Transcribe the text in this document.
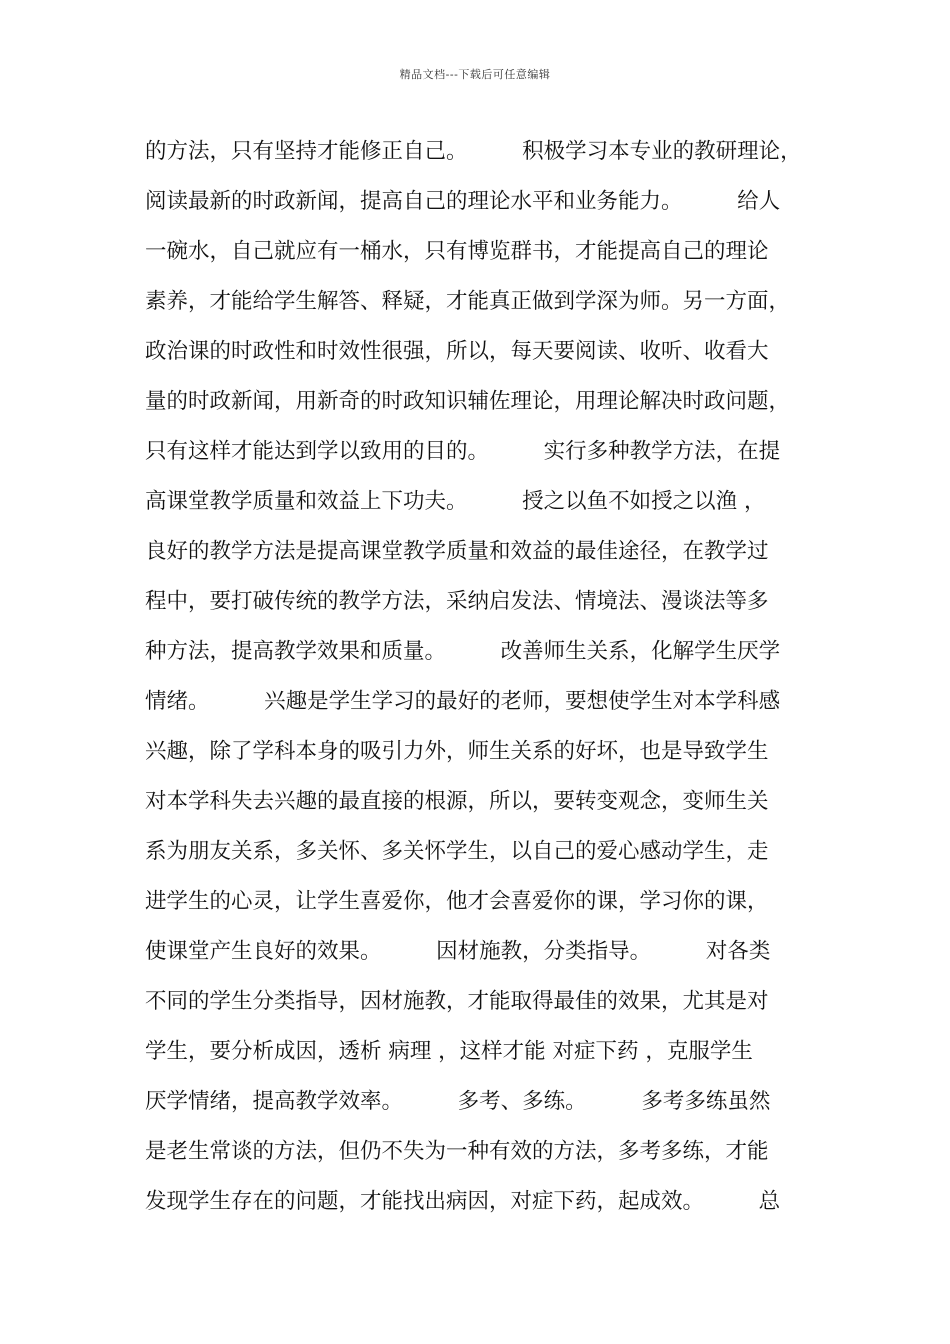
精品文档---下载后可任意编辑
的方法，只有坚持才能修正自己。        积极学习本专业的教研理论，
阅读最新的时政新闻，提高自己的理论水平和业务能力。        给人
一碗水，自己就应有一桶水，只有博览群书，才能提高自己的理论
素养，才能给学生解答、释疑，才能真正做到学深为师。另一方面，
政治课的时政性和时效性很强，所以，每天要阅读、收听、收看大
量的时政新闻，用新奇的时政知识辅佐理论，用理论解决时政问题，
只有这样才能达到学以致用的目的。        实行多种教学方法，在提
高课堂教学质量和效益上下功夫。        授之以鱼不如授之以渔 ，
良好的教学方法是提高课堂教学质量和效益的最佳途径，在教学过
程中，要打破传统的教学方法，采纳启发法、情境法、漫谈法等多
种方法，提高教学效果和质量。        改善师生关系，化解学生厌学
情绪。        兴趣是学生学习的最好的老师，要想使学生对本学科感
兴趣，除了学科本身的吸引力外，师生关系的好坏，也是导致学生
对本学科失去兴趣的最直接的根源，所以，要转变观念，变师生关
系为朋友关系，多关怀、多关怀学生，以自己的爱心感动学生，走
进学生的心灵，让学生喜爱你，他才会喜爱你的课，学习你的课，
使课堂产生良好的效果。        因材施教，分类指导。        对各类
不同的学生分类指导，因材施教，才能取得最佳的效果，尤其是对
学生，要分析成因，透析 病理 ，这样才能 对症下药 ，克服学生
厌学情绪，提高教学效率。        多考、多练。        多考多练虽然
是老生常谈的方法，但仍不失为一种有效的方法，多考多练，才能
发现学生存在的问题，才能找出病因，对症下药，起成效。        总
